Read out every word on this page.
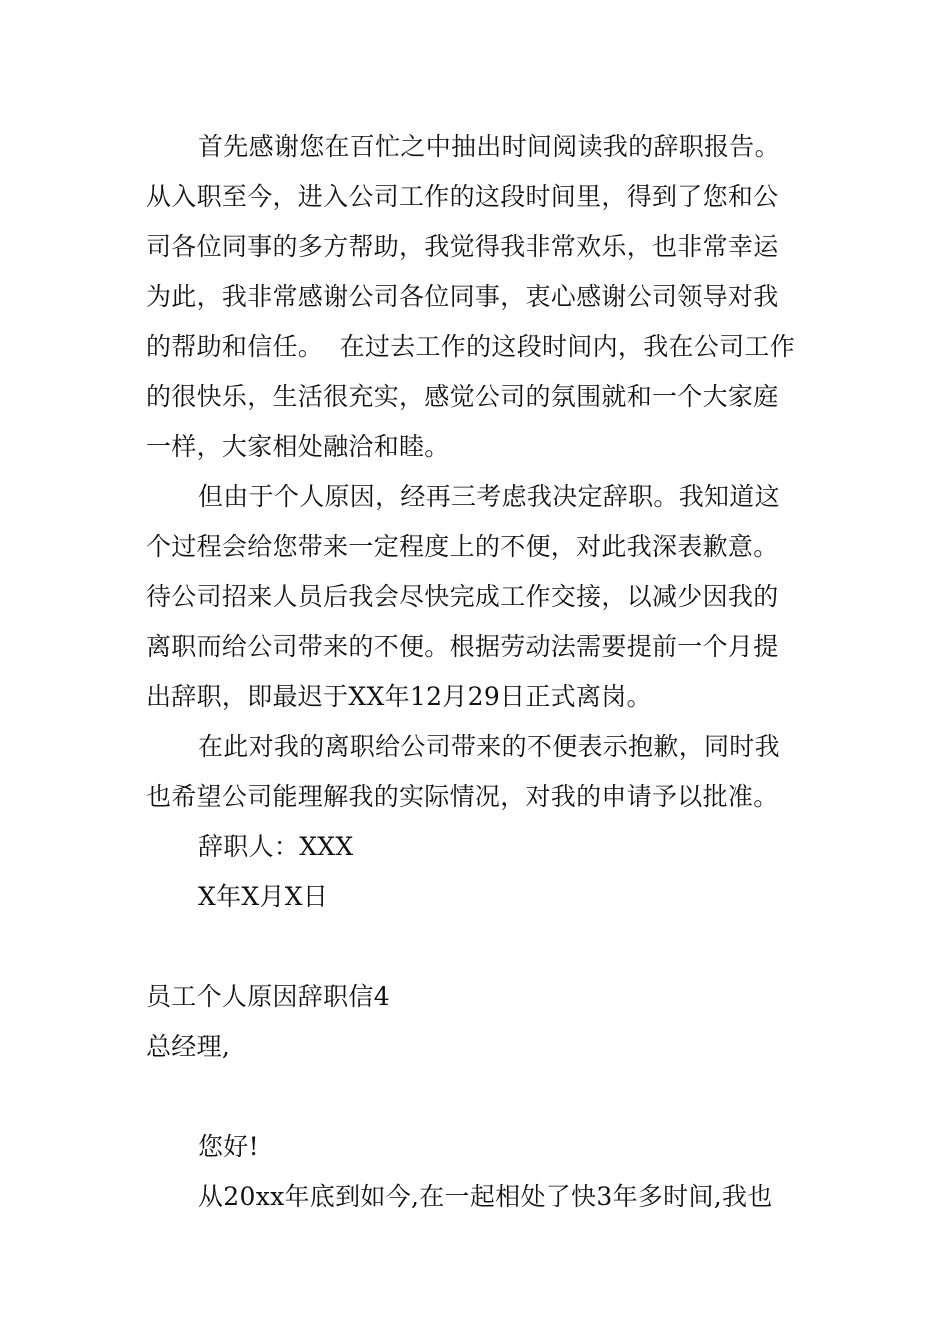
首先感谢您在百忙之中抽出时间阅读我的辞职报告。
从入职至今，进入公司工作的这段时间里，得到了您和公
司各位同事的多方帮助，我觉得我非常欢乐，也非常幸运
为此，我非常感谢公司各位同事，衷心感谢公司领导对我
的帮助和信任。  在过去工作的这段时间内，我在公司工作
的很快乐，生活很充实，感觉公司的氛围就和一个大家庭
一样，大家相处融洽和睦。
但由于个人原因，经再三考虑我决定辞职。我知道这
个过程会给您带来一定程度上的不便，对此我深表歉意。
待公司招来人员后我会尽快完成工作交接，以减少因我的
离职而给公司带来的不便。根据劳动法需要提前一个月提
出辞职，即最迟于XX年12月29日正式离岗。
在此对我的离职给公司带来的不便表示抱歉，同时我
也希望公司能理解我的实际情况，对我的申请予以批准。
辞职人：XXX
X年X月X日
员工个人原因辞职信4
总经理,
您好!
从20xx年底到如今,在一起相处了快3年多时间,我也
